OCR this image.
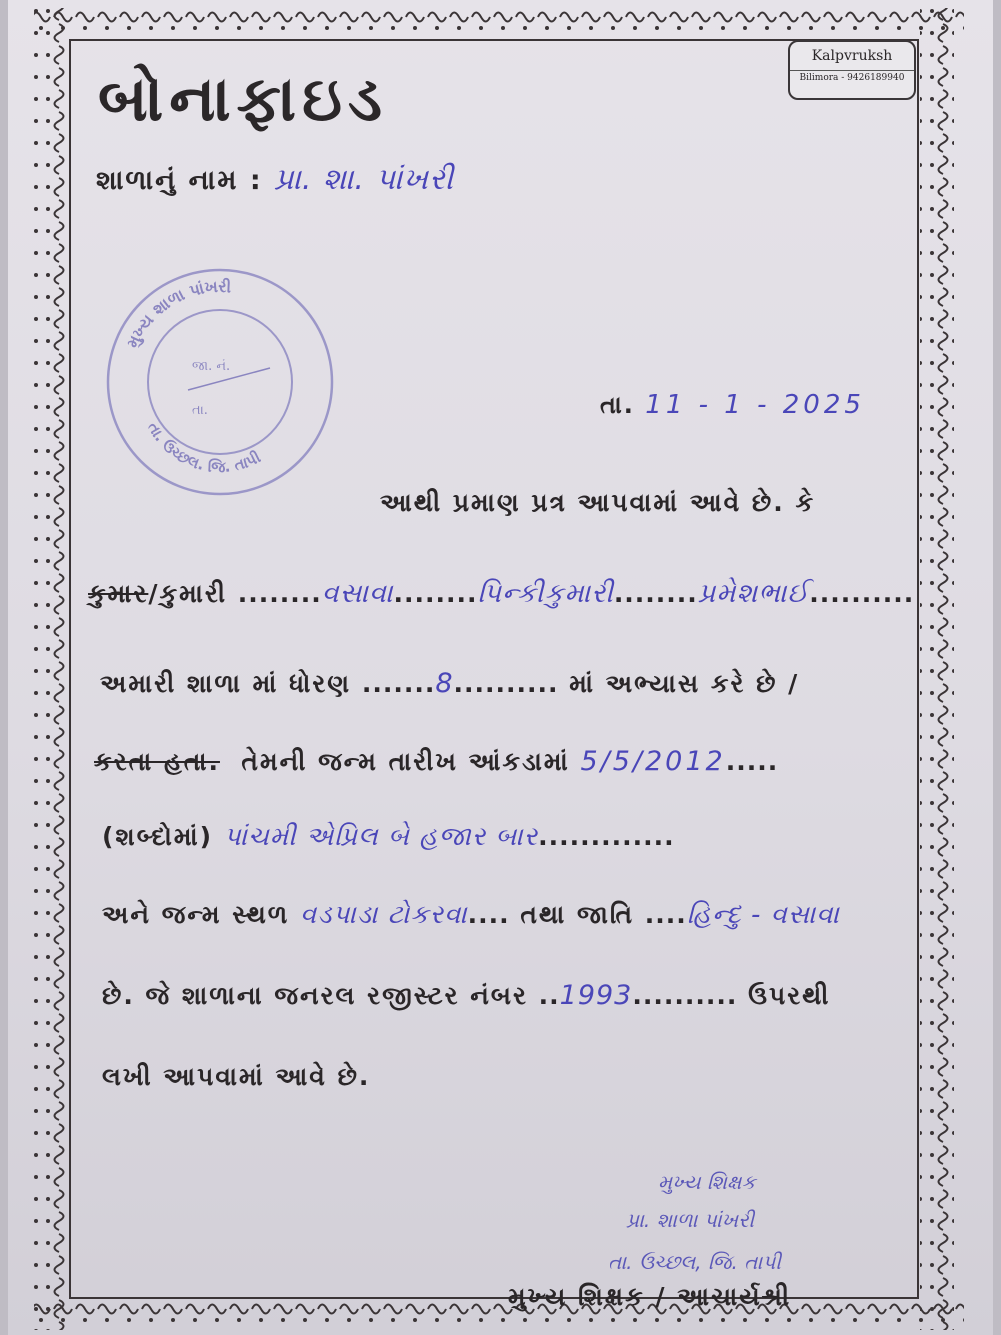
Kalpvruksh
Bilimora - 9426189940
બોનાફાઇડ
શાળાનું નામ : પ્રા. શા. પાંખરી
મુખ્ય શાળા પાંખરી
તા. ઉચ્છલ. જિ. તાપી
જા. નં.
તા.	તા. 11 - 1 - 2025
આથી પ્રમાણ પ્રત્ર આપવામાં આવે છે. કે
કુમાર/કુમારી ........વસાવા........પિન્કીકુમારી........પ્રમેશભાઈ..........
અમારી શાળા માં ધોરણ .......8.......... માં અભ્યાસ કરે છે /
કરતા હતા. તેમની જન્મ તારીખ આંકડામાં 5/5/2012.....
(શબ્દોમાં) પાંચમી એપ્રિલ બે હજાર બાર.............
અને જન્મ સ્થળ વડપાડા ટોકરવા.... તથા જાતિ ....હિન્દુ - વસાવા
છે. જે શાળાના જનરલ રજીસ્ટર નંબર ..1993.......... ઉપરથી
લખી આપવામાં આવે છે.
મુખ્ય શિક્ષક
પ્રા. શાળા પાંખરી
તા. ઉચ્છલ, જિ. તાપી
મુખ્ય શિક્ષક / આચાર્યશ્રી
